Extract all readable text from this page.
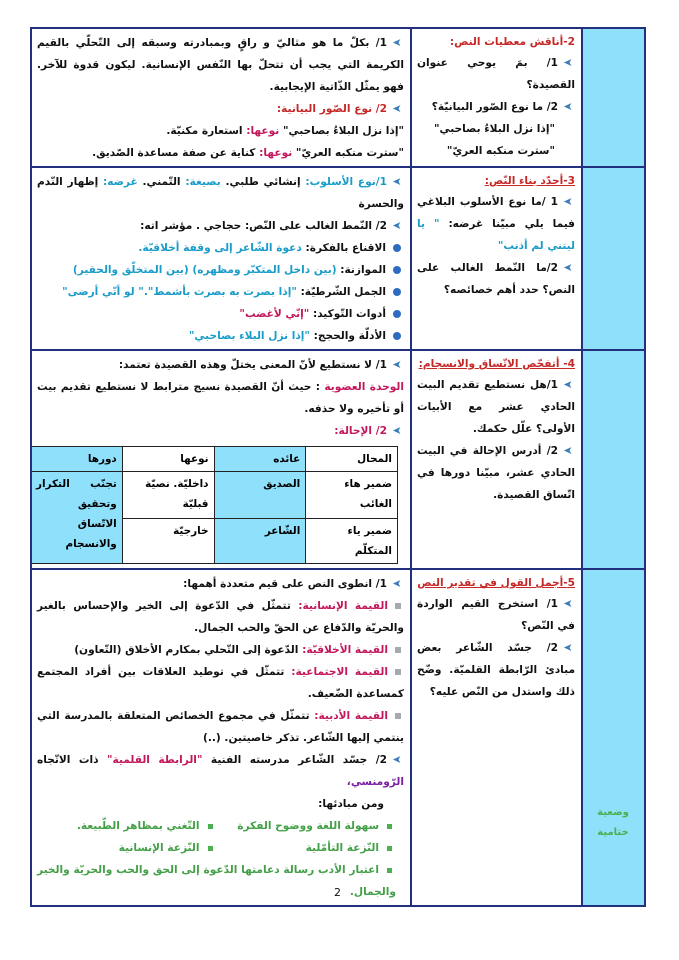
2-أناقش معطيات النص:
➤1/ بمَ يوحي عنوان القصيدة؟
➤2/ ما نوع الصّور البيانيّة؟
"إذا نزل البلاءُ بصاحبي"
"سترت منكبه العريّ"

➤1/ بكلّ ما هو مثاليّ و راقٍ وبمبادرته وسبقه إلى التّحلّي بالقيم الكريمة التي يجب أن تتحلّ بها النّفس الإنسانية. ليكون قدوة للآخر. فهو يمثّل الذّاتية الإيجابية.
➤2/ نوع الصّور البيانية:
"إذا نزل البلاءُ بصاحبي" نوعها: استعارة مكنيّة.
"سترت منكبه العريّ" نوعها: كناية عن صفة مساعدة الصّديق.

3-أحدّد بناء النّص:
➤1 /ما نوع الأسلوب البلاغي فيما يلي مبيّنا غرضه: " يا ليتني لم أذنب"
➤2/ما النّمط الغالب على النص؟ حدد أهم خصائصه؟

➤1/نوع الأسلوب: إنشائي طلبي. بصيغة: التّمني. غرضه: إظهار النّدم والحسرة
➤2/ النّمط الغالب على النّص: حجاجي . مؤشر اته:
الاقناع بالفكرة: دعوة الشّاعر إلى وقفة أخلاقيّة.
الموازنة: (بين داخل المتكبّر ومظهره) (بين المتخلّق والحقير)
الجمل الشّرطيّة: "إذا بصرت به بصرت بأشمط"." لو أنّي أرضى"
أدوات التّوكيد: "إنّي لأغضب"
الأدلّة والحجج: "إذا نزل البلاء بصاحبي"

4- أتفحّص الاتّساق والانسجام:
➤1/هل نستطيع تقديم البيت الحادي عشر مع الأبيات الأولى؟ علّل حكمك.
➤2/ أدرس الإحالة في البيت الحادي عشر، مبيّنا دورها في اتّساق القصيدة.

➤1/ لا نستطيع لأنّ المعنى يختلّ وهذه القصيدة تعتمد:
الوحدة العضوية : حيث أنّ القصيدة نسيج مترابط لا نستطيع تقديم بيت أو تأخيره ولا حذفه.
➤2/ الإحالة:
المحال	عائده	نوعها	دورها
ضمير هاء الغائب	الصديق	داخليّة. نصيّة قبليّة	تجنّب التكرار وتحقيق الاتّساق والانسجام
ضمير ياء المتكلّم	الشّاعر	خارجيّة

وضعية ختامية

5-أجمل القول في تقدير النص
➤1/ استخرج القيم الواردة في النّص؟
➤2/ جسّد الشّاعر بعض مبادئ الرّابطة القلميّة. وضّح ذلك واستدل من النّص عليه؟

➤1/ انطوى النص على قيم متعددة أهمها:
القيمة الإنسانية: تتمثّل في الدّعوة إلى الخير والإحساس بالغير والحريّة والدّفاع عن الحقّ والحب الجمال.
القيمة الأخلاقيّة: الدّعوة إلى التّحلي بمكارم الأخلاق (التّعاون)
القيمة الاجتماعية: تتمثّل في توطيد العلاقات بين أفراد المجتمع كمساعدة الضّعيف.
القيمة الأدبية: تتمثّل في مجموع الخصائص المتعلقة بالمدرسة التي ينتمي إليها الشّاعر. تذكر خاصيتين. (..)
➤2/ جسّد الشّاعر مدرسته الفنية "الرابطة القلمية" ذات الاتّجاه الرّومنسي،
ومن مبادئها:
سهولة اللغة ووضوح الفكرة
التّغني بمظاهر الطّبيعة.
النّزعة التأمّلية
النّزعة الإنسانية
اعتبار الأدب رسالة دعامتها الدّعوة إلى الحق والحب والحريّة والخير والجمال.
2
